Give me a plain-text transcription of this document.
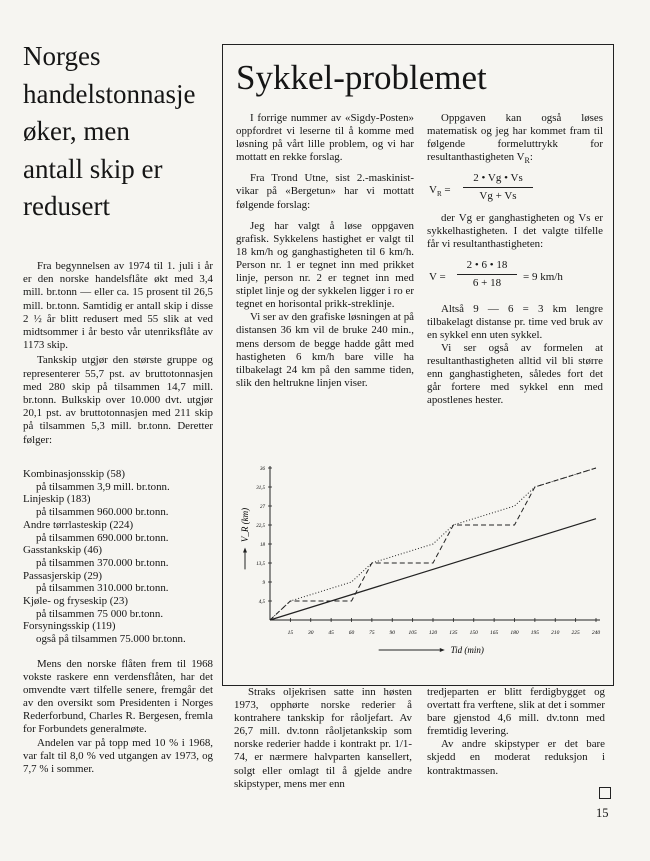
Norges
handelstonnasje
øker, men
antall skip er
redusert

Fra begynnelsen av 1974 til 1. juli i år er den norske handelsflåte økt med 3,4 mill. br.tonn — eller ca. 15 prosent til 26,5 mill. br.tonn. Samtidig er antall skip i disse 2 ½ år blitt redusert med 55 slik at ved midtsommer i år besto vår utenriksflåte av 1173 skip.

Tankskip utgjør den største gruppe og representerer 55,7 pst. av bruttotonnasjen med 280 skip på tilsammen 14,7 mill. br.tonn. Bulkskip over 10.000 dvt. utgjør 20,1 pst. av bruttotonnasjen med 211 skip på tilsammen 5,3 mill. br.tonn. Deretter følger:

Kombinasjonsskip (58)
på tilsammen 3,9 mill. br.tonn.
Linjeskip (183)
på tilsammen 960.000 br.tonn.
Andre tørrlasteskip (224)
på tilsammen 690.000 br.tonn.
Gasstankskip (46)
på tilsammen 370.000 br.tonn.
Passasjerskip (29)
på tilsammen 310.000 br.tonn.
Kjøle- og fryseskip (23)
på tilsammen 75 000 br.tonn.
Forsyningsskip (119)
også på tilsammen 75.000 br.tonn.

Mens den norske flåten frem til 1968 vokste raskere enn verdensflåten, har det omvendte vært tilfelle senere, fremgår det av den oversikt som Presidenten i Norges Rederforbund, Charles R. Bergesen, fremla for Forbundets generalmøte.

Andelen var på topp med 10 % i 1968, var falt til 8,0 % ved utgangen av 1973, og 7,7 % i sommer.

Sykkel-problemet

I forrige nummer av «Sigdy-Posten» oppfordret vi leserne til å komme med løsning på vårt lille problem, og vi har mottatt en rekke forslag.

Fra Trond Utne, sist 2.-maskinist-vikar på «Bergetun» har vi mottatt følgende forslag:

Jeg har valgt å løse oppgaven grafisk. Sykkelens hastighet er valgt til 18 km/h og ganghastigheten til 6 km/h. Person nr. 1 er tegnet inn med prikket linje, person nr. 2 er tegnet inn med stiplet linje og der sykkelen ligger i ro er tegnet en horisontal prikk-streklinje.

Vi ser av den grafiske løsningen at på distansen 36 km vil de bruke 240 min., mens dersom de begge hadde gått med hastigheten 6 km/h bare ville ha tilbakelagt 24 km på den samme tiden, slik den heltrukne linjen viser.

Oppgaven kan også løses matematisk og jeg har kommet fram til følgende formeluttrykk for resultanthastigheten $V_R$:

$V_R = \frac{2 • Vg • Vs}{Vg + Vs}$

der Vg er ganghastigheten og Vs er sykkelhastigheten. I det valgte tilfelle får vi resultanthastigheten:

$V = \frac{2 • 6 • 18}{6 + 18} = 9$ km/h

Altså 9 — 6 = 3 km lengre tilbakelagt distanse pr. time ved bruk av en sykkel enn uten sykkel.

Vi ser også av formelen at resultanthastigheten alltid vil bli større enn ganghastigheten, således fort det går fortere med sykkel enn med apostlenes hester.

15	30	45	60	75	90 105 120 135 150 165 180 195 210 225 240
4,5
9
13,5
18
22,5
27
31,5
36
V_R (km)
Tid (min)

Straks oljekrisen satte inn høsten 1973, opphørte norske rederier å kontrahere tankskip for råoljefart. Av 26,7 mill. dv.tonn råoljetankskip som norske rederier hadde i kontrakt pr. 1/1-74, er nærmere halvparten kansellert, solgt eller omlagt til å gjelde andre skipstyper, mens mer enn

tredjeparten er blitt ferdigbygget og overtatt fra verftene, slik at det i sommer bare gjenstod 4,6 mill. dv.tonn med fremtidig levering.

Av andre skipstyper er det bare skjedd en moderat reduksjon i kontraktmassen.

15
